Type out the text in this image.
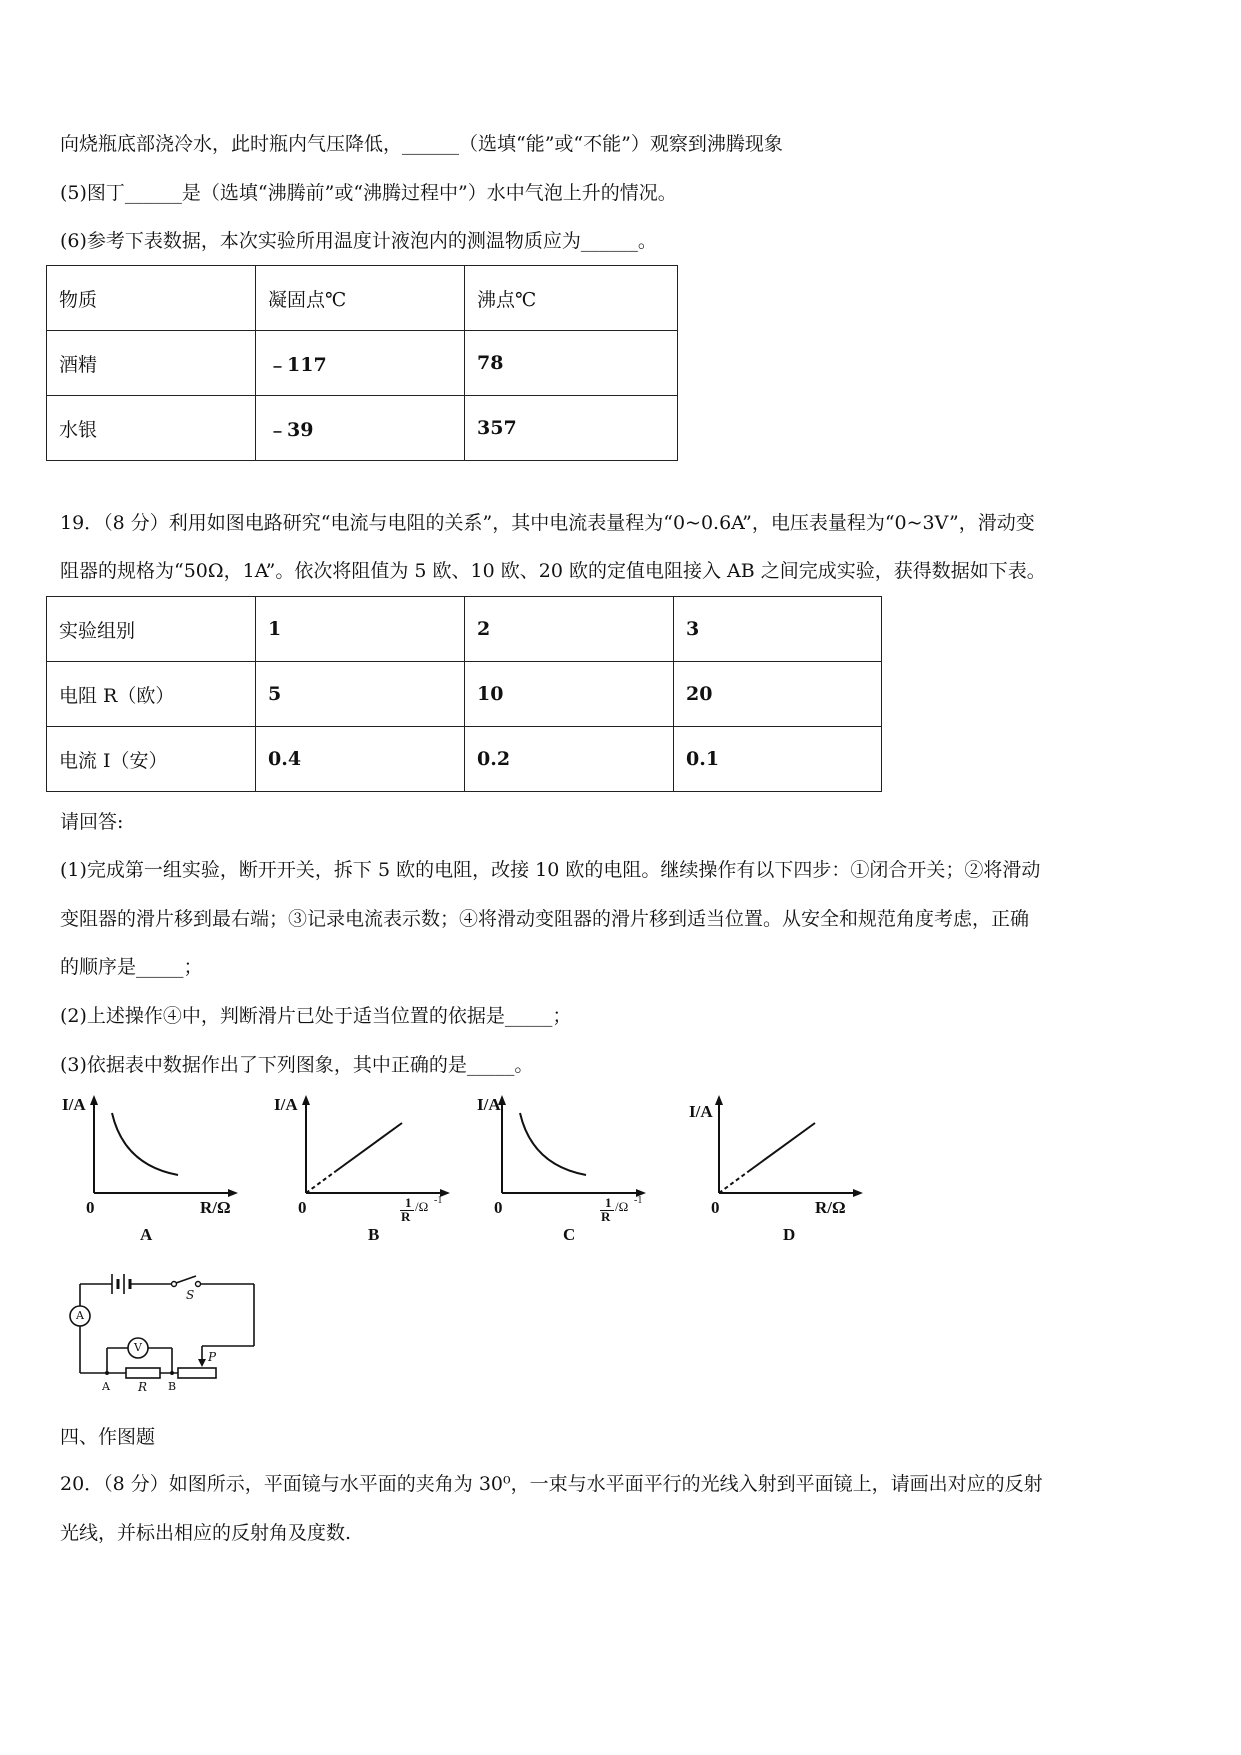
向烧瓶底部浇冷水，此时瓶内气压降低，______（选填“能”或“不能”）观察到沸腾现象
(5)图丁______是（选填“沸腾前”或“沸腾过程中”）水中气泡上升的情况。
(6)参考下表数据，本次实验所用温度计液泡内的测温物质应为______。
物质	凝固点℃	沸点℃
酒精	﹣117	78
水银	﹣39	357
19．（8 分）利用如图电路研究“电流与电阻的关系”，其中电流表量程为“0~0.6A”，电压表量程为“0~3V”，滑动变
阻器的规格为“50Ω，1A”。依次将阻值为 5 欧、10 欧、20 欧的定值电阻接入 AB 之间完成实验，获得数据如下表。
实验组别	1	2	3
电阻 R（欧）	5	10	20
电流 I（安）	0.4	0.2	0.1
请回答:
(1)完成第一组实验，断开开关，拆下 5 欧的电阻，改接 10 欧的电阻。继续操作有以下四步：①闭合开关；②将滑动
变阻器的滑片移到最右端；③记录电流表示数；④将滑动变阻器的滑片移到适当位置。从安全和规范角度考虑，正确
的顺序是_____；
(2)上述操作④中，判断滑片已处于适当位置的依据是_____；
(3)依据表中数据作出了下列图象，其中正确的是_____。
I/A
0	R/Ω
A
I/A
0	1
R
/Ω -1
B
I/A
0	1
R
/Ω -1
C
I/A
0	R/Ω
D
S
A
V
R
A	B
P
四、作图题
20．（8 分）如图所示，平面镜与水平面的夹角为 30⁰，一束与水平面平行的光线入射到平面镜上，请画出对应的反射
光线，并标出相应的反射角及度数.
